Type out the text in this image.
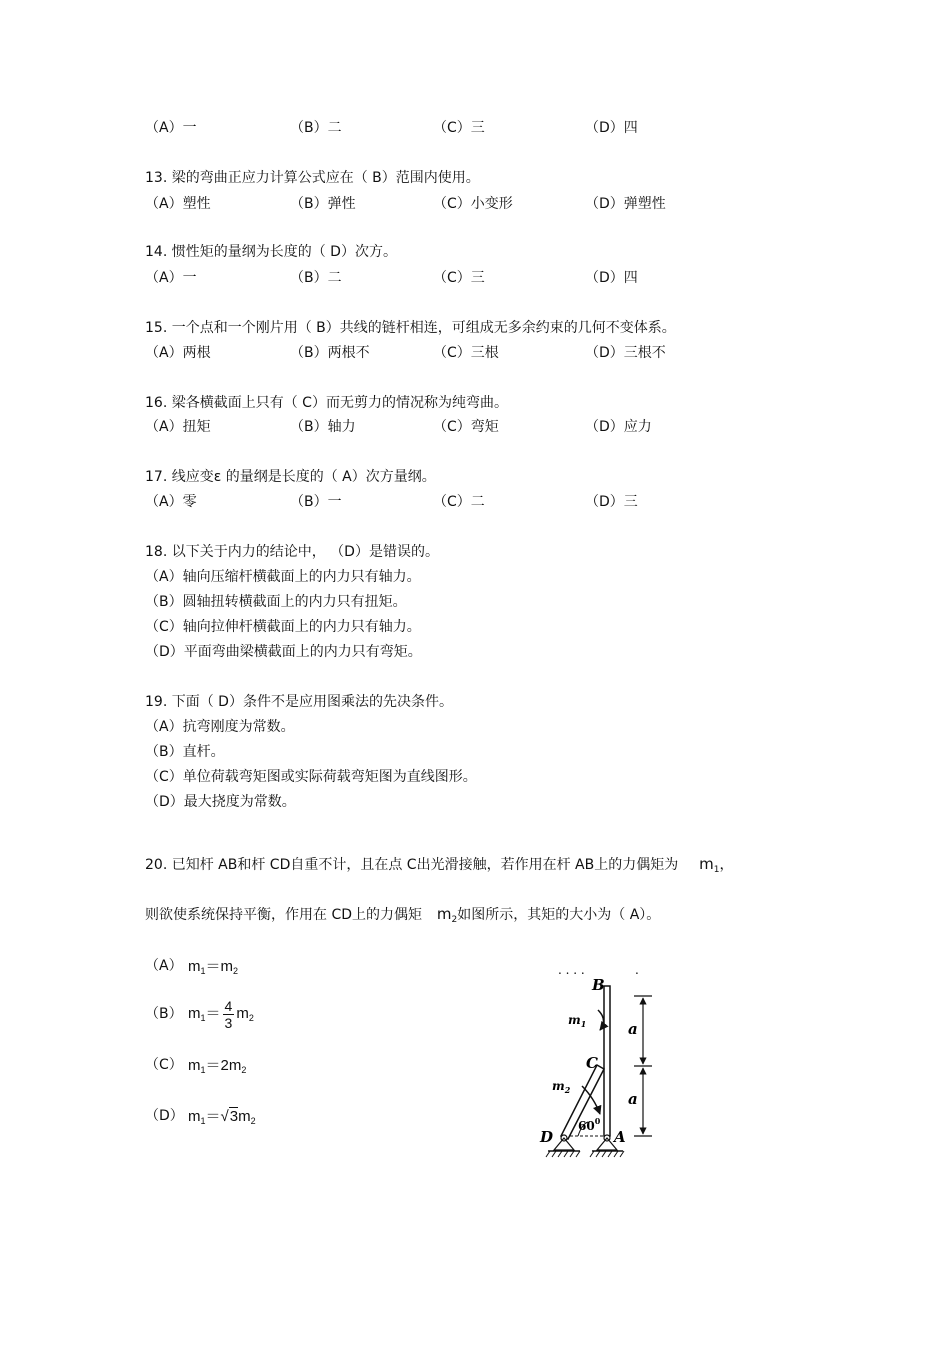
（A）一	（B）二	（C）三	（D）四
13. 梁的弯曲正应力计算公式应在（ B）范围内使用。
（A）塑性	（B）弹性	（C）小变形	（D）弹塑性
14. 惯性矩的量纲为长度的（ D）次方。
（A）一	（B）二	（C）三	（D）四
15. 一个点和一个刚片用（ B）共线的链杆相连，可组成无多余约束的几何不变体系。
（A）两根	（B）两根不	（C）三根	（D）三根不
16. 梁各横截面上只有（ C）而无剪力的情况称为纯弯曲。
（A）扭矩	（B）轴力	（C）弯矩	（D）应力
17. 线应变ε 的量纲是长度的（ A）次方量纲。
（A）零	（B）一	（C）二	（D）三
18. 以下关于内力的结论中， （D）是错误的。
（A）轴向压缩杆横截面上的内力只有轴力。
（B）圆轴扭转横截面上的内力只有扭矩。
（C）轴向拉伸杆横截面上的内力只有轴力。
（D）平面弯曲梁横截面上的内力只有弯矩。
19. 下面（ D）条件不是应用图乘法的先决条件。
（A）抗弯刚度为常数。
（B）直杆。
（C）单位荷载弯矩图或实际荷载弯矩图为直线图形。
（D）最大挠度为常数。
20. 已知杆 AB和杆 CD自重不计，且在点 C出光滑接触，若作用在杆 AB上的力偶矩为 $m_1$，
则欲使系统保持平衡，作用在 CD上的力偶矩 $m_2$如图所示，其矩的大小为（ A）。
（A） $m_1=m_2$
（B） $m_1= \frac{4}{3} m_2$
（C） $m_1=2m_2$
（D） $m_1=√3m_2$
. . . .	.
B
C
$m_1$
$m_2$
$60^0$
D	A
a
a
